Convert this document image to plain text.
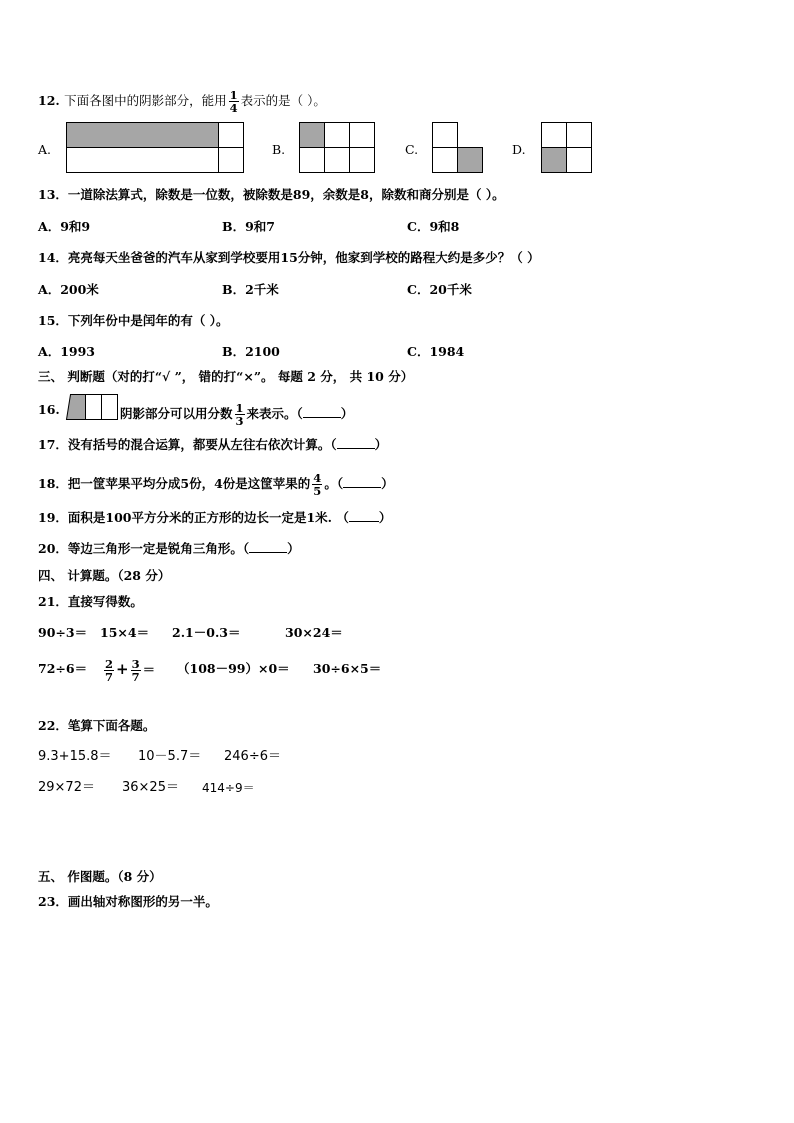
12. 下面各图中的阴影部分，能用 $\frac{1}{4}$ 表示的是（ ）。
A.	B.	C.	D.
13．一道除法算式，除数是一位数，被除数是89，余数是8，除数和商分别是（ ）。
A．9和9	B．9和7	C．9和8
14．亮亮每天坐爸爸的汽车从家到学校要用15分钟，他家到学校的路程大约是多少？（ ）
A．200米	B．2千米	C．20千米
15．下列年份中是闰年的有（ ）。
A．1993	B．2100	C．1984
三、 判断题（对的打“√ ”， 错的打“×”。 每题 2 分， 共 10 分）
16.	阴影部分可以用分数 $\frac{1}{3}$ 来表示。（	）
17．没有括号的混合运算，都要从左往右依次计算。（	）
18．把一筐苹果平均分成5份，4份是这筐苹果的 $\frac{4}{5}$ 。（	）
19．面积是100平方分米的正方形的边长一定是1米. （ ）
20．等边三角形一定是锐角三角形。（	）
四、 计算题。（28 分）
21．直接写得数。
90÷3＝ 15×4＝ 2.1－0.3＝	30×24＝
$72\div 6= \frac{2}{7} + \frac{3}{7} = (108-99)\times 0= 30\div 6\times 5=$
22．笔算下面各题。
9.3+15.8＝ 10－5.7＝ 246÷6＝
29×72＝ 36×25＝ 414÷9＝
五、 作图题。（8 分）
23．画出轴对称图形的另一半。
